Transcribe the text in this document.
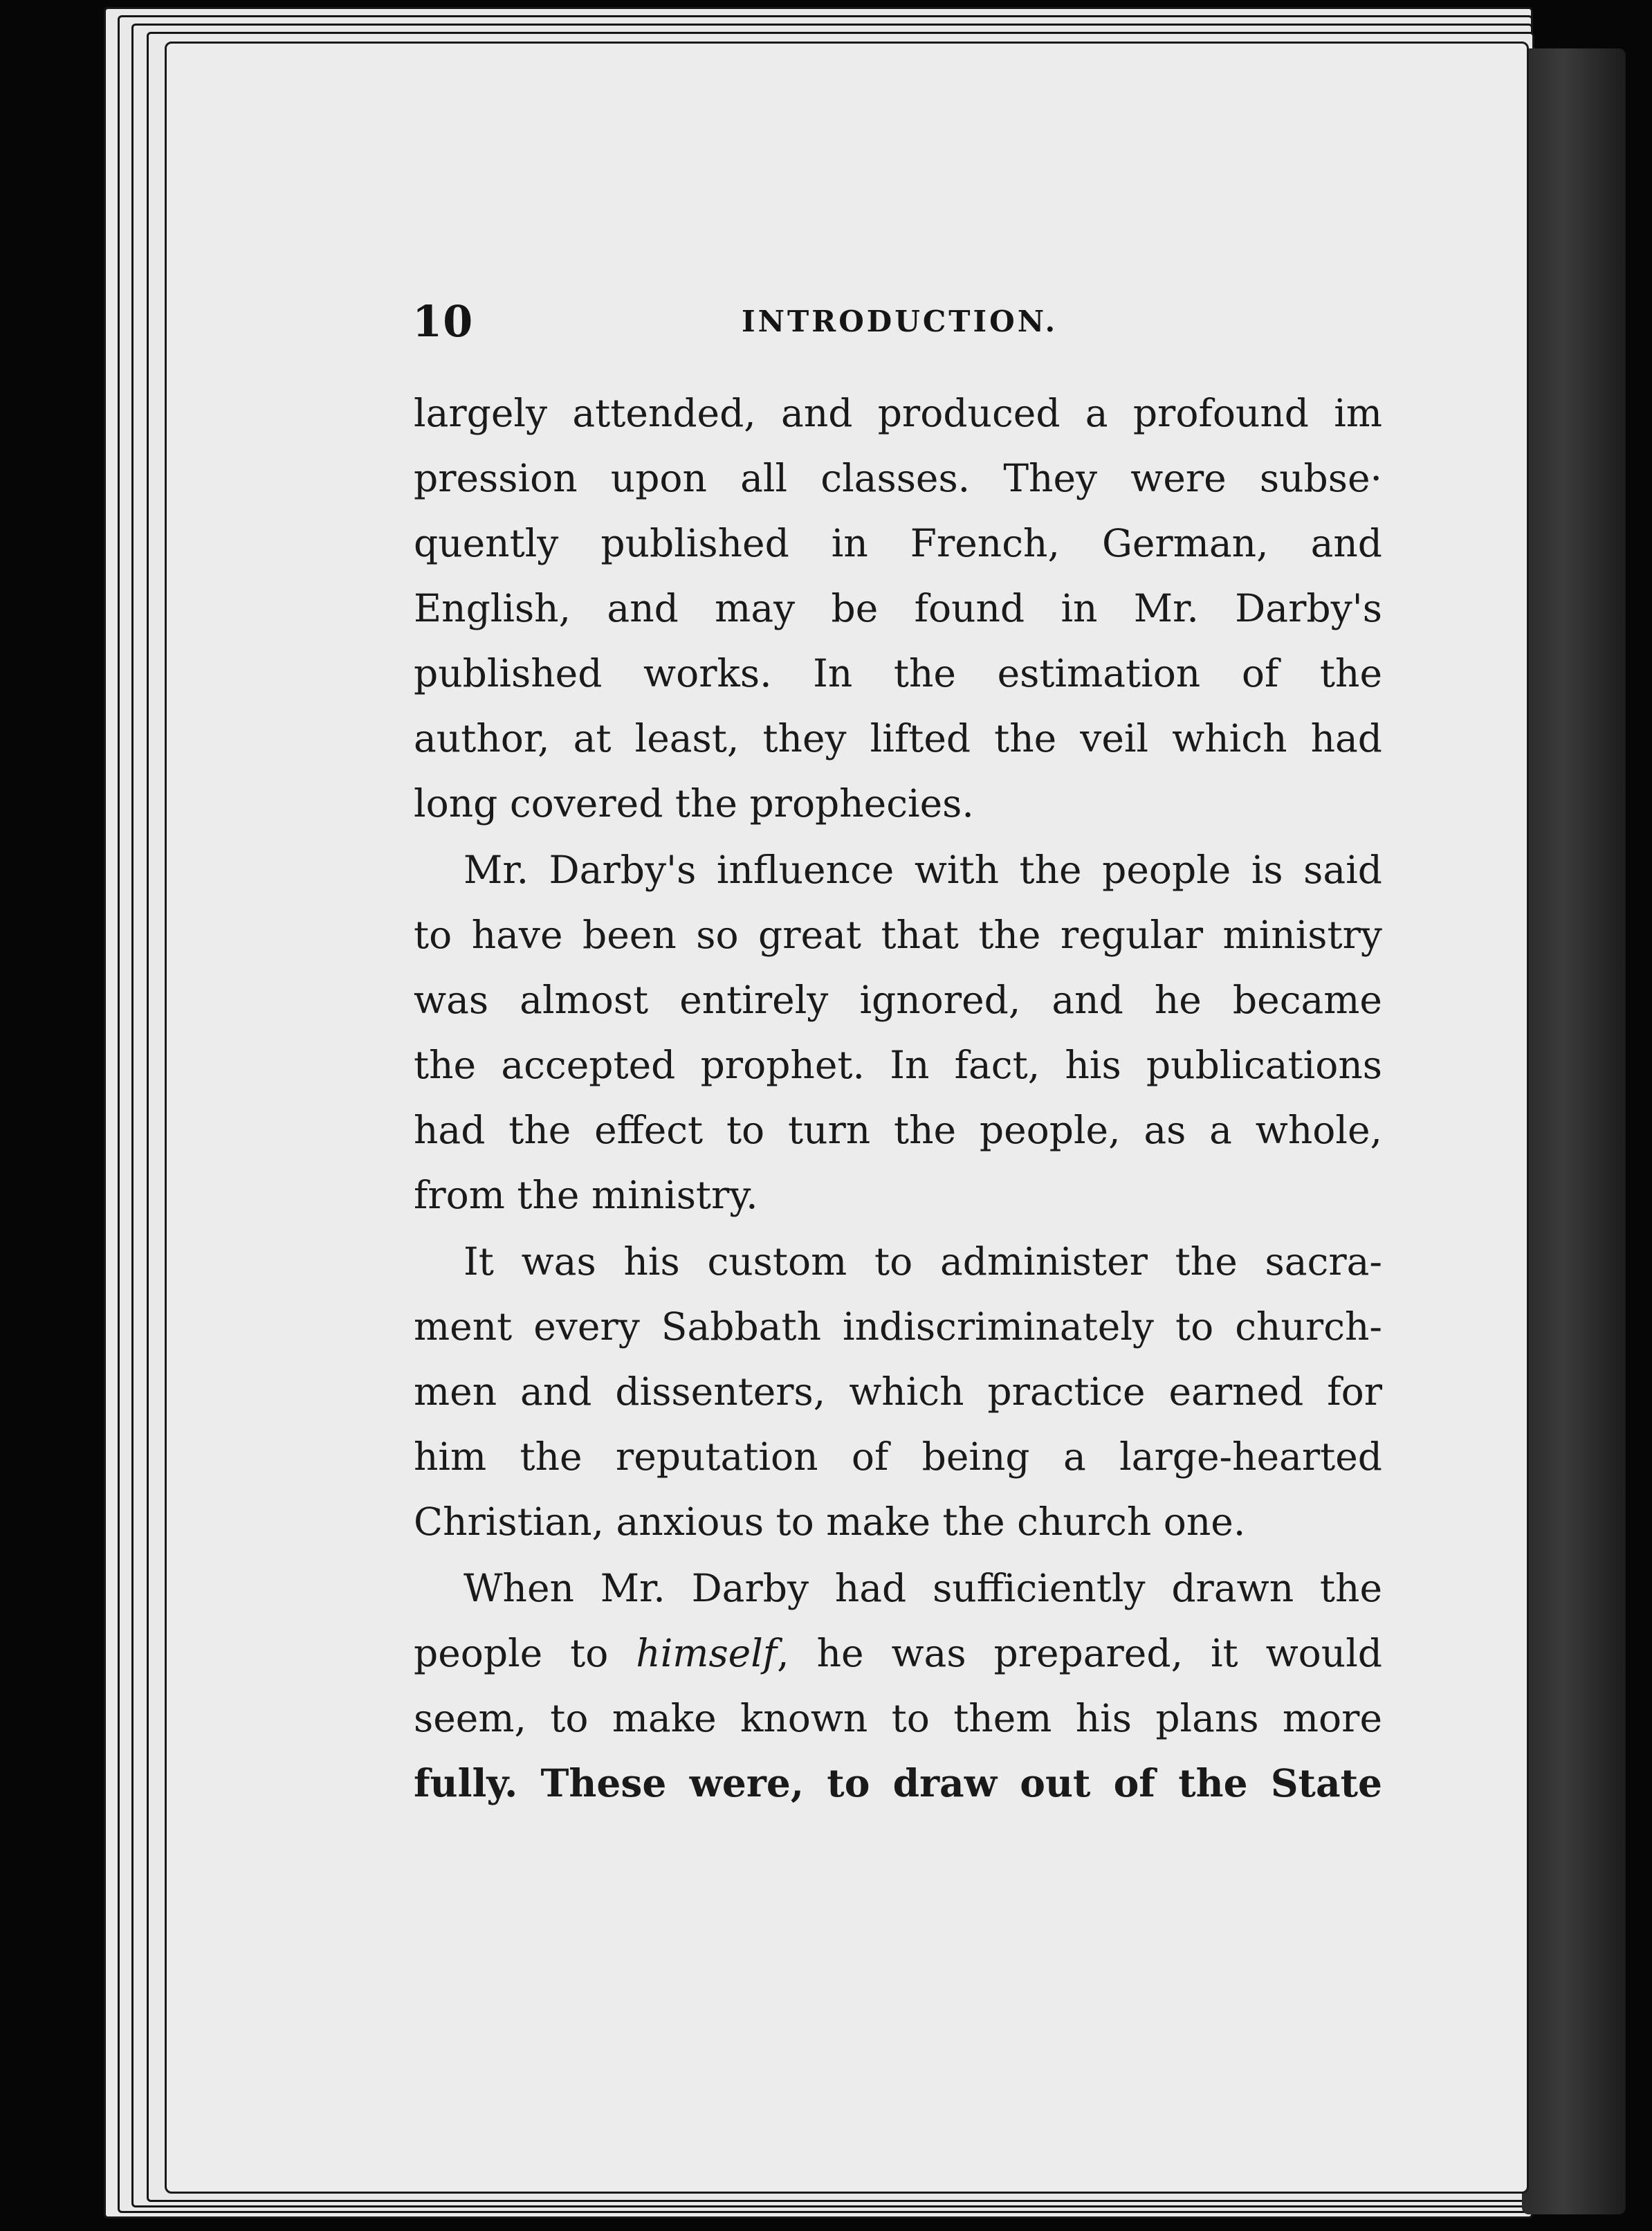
10	INTRODUCTION.
largely attended, and produced a profound im
pression upon all classes. They were subse·
quently published in French, German, and
English, and may be found in Mr. Darby's
published works. In the estimation of the
author, at least, they lifted the veil which had
long covered the prophecies.
Mr. Darby's influence with the people is said
to have been so great that the regular ministry
was almost entirely ignored, and he became
the accepted prophet. In fact, his publications
had the effect to turn the people, as a whole,
from the ministry.
It was his custom to administer the sacra-
ment every Sabbath indiscriminately to church-
men and dissenters, which practice earned for
him the reputation of being a large-hearted
Christian, anxious to make the church one.
When Mr. Darby had sufficiently drawn the
people to himself, he was prepared, it would
seem, to make known to them his plans more
fully. These were, to draw out of the State
